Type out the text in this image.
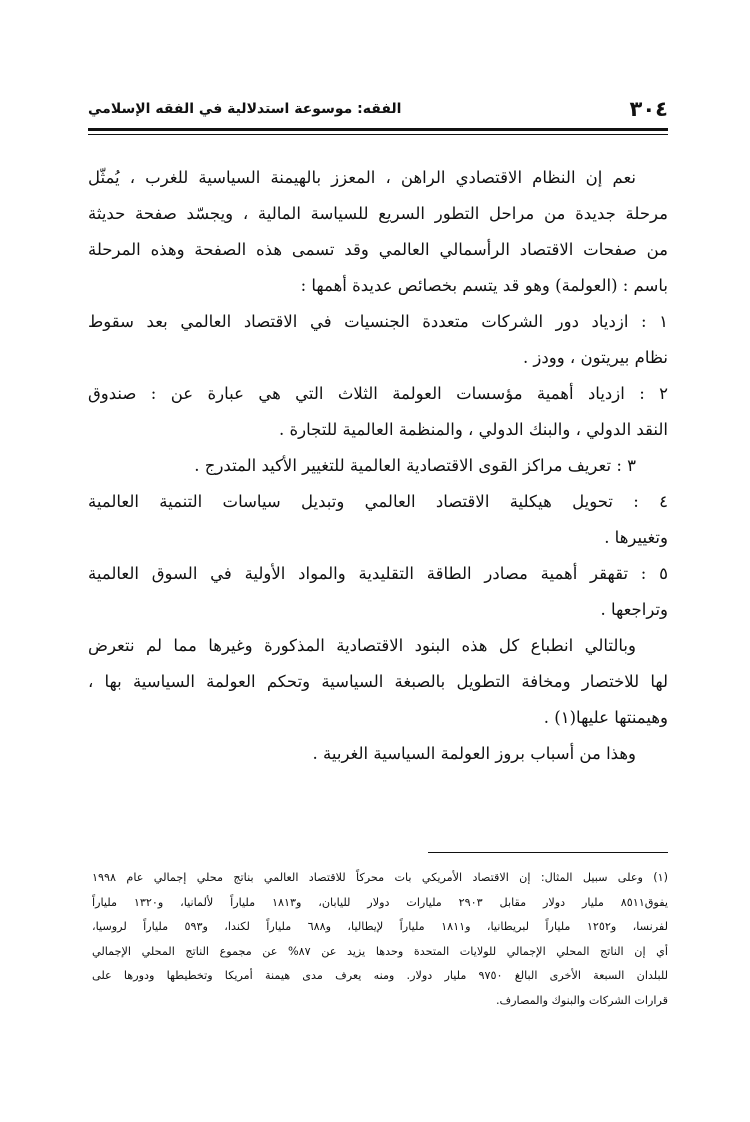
٣٠٤
الفقه: موسوعة استدلالية في الفقه الإسلامي
نعم إن النظام الاقتصادي الراهن ، المعزز بالهيمنة السياسية للغرب ، يُمثّل
مرحلة جديدة من مراحل التطور السريع للسياسة المالية ، ويجسّد صفحة حديثة
من صفحات الاقتصاد الرأسمالي العالمي وقد تسمى هذه الصفحة وهذه المرحلة
باسم : (العولمة) وهو قد يتسم بخصائص عديدة أهمها :
١ : ازدياد دور الشركات متعددة الجنسيات في الاقتصاد العالمي بعد سقوط
نظام بيريتون ، وودز .
٢ : ازدياد أهمية مؤسسات العولمة الثلاث التي هي عبارة عن : صندوق
النقد الدولي ، والبنك الدولي ، والمنظمة العالمية للتجارة .
٣ : تعريف مراكز القوى الاقتصادية العالمية للتغيير الأكيد المتدرج .
٤ : تحويل هيكلية الاقتصاد العالمي وتبديل سياسات التنمية العالمية
وتغييرها .
٥ : تقهقر أهمية مصادر الطاقة التقليدية والمواد الأولية في السوق العالمية
وتراجعها .
وبالتالي انطباع كل هذه البنود الاقتصادية المذكورة وغيرها مما لم نتعرض
لها للاختصار ومخافة التطويل بالصبغة السياسية وتحكم العولمة السياسية بها ،
وهيمنتها عليها(١) .
وهذا من أسباب بروز العولمة السياسية الغربية .
(١) وعلى سبيل المثال: إن الاقتصاد الأمريكي بات محركاً للاقتصاد العالمي بناتج محلي إجمالي عام ١٩٩٨
يفوق٨٥١١ مليار دولار مقابل ٢٩٠٣ مليارات دولار لليابان، و١٨١٣ ملياراً لألمانيا، و١٣٢٠ ملياراً
لفرنسا، و١٢٥٢ ملياراً لبريطانيا، و١٨١١ ملياراً لإيطاليا، و٦٨٨ ملياراً لكندا، و٥٩٣ ملياراً لروسيا،
أي إن الناتج المحلي الإجمالي للولايات المتحدة وحدها يزيد عن ٨٧% عن مجموع الناتج المحلي الإجمالي
للبلدان السبعة الأخرى البالغ ٩٧٥٠ مليار دولار. ومنه يعرف مدى هيمنة أمريكا وتخطيطها ودورها على
قرارات الشركات والبنوك والمصارف.
